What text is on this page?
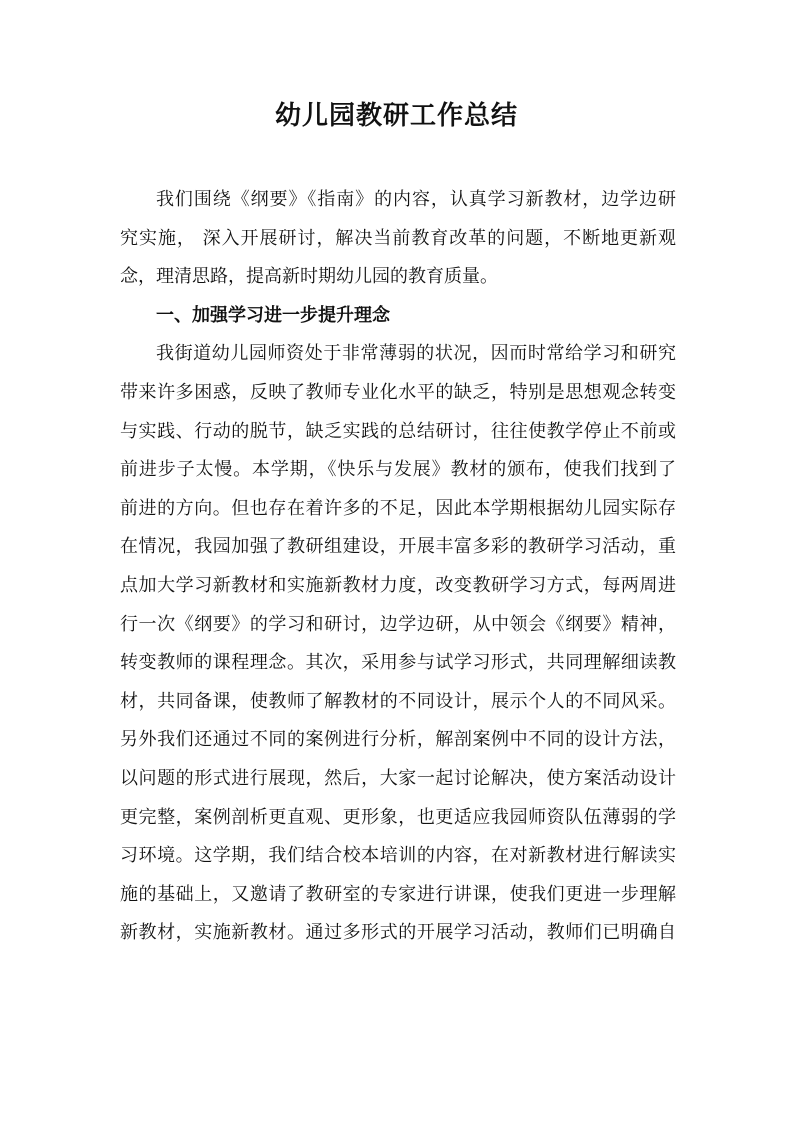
幼儿园教研工作总结
我们围绕《纲要》《指南》的内容，认真学习新教材，边学边研
究实施， 深入开展研讨，解决当前教育改革的问题，不断地更新观
念，理清思路，提高新时期幼儿园的教育质量。
一、加强学习进一步提升理念
我街道幼儿园师资处于非常薄弱的状况，因而时常给学习和研究
带来许多困惑，反映了教师专业化水平的缺乏，特别是思想观念转变
与实践、行动的脱节，缺乏实践的总结研讨，往往使教学停止不前或
前进步子太慢。本学期，《快乐与发展》教材的颁布，使我们找到了
前进的方向。但也存在着许多的不足，因此本学期根据幼儿园实际存
在情况，我园加强了教研组建设，开展丰富多彩的教研学习活动，重
点加大学习新教材和实施新教材力度，改变教研学习方式，每两周进
行一次《纲要》的学习和研讨，边学边研，从中领会《纲要》精神，
转变教师的课程理念。其次，采用参与试学习形式，共同理解细读教
材，共同备课，使教师了解教材的不同设计，展示个人的不同风采。
另外我们还通过不同的案例进行分析，解剖案例中不同的设计方法，
以问题的形式进行展现，然后，大家一起讨论解决，使方案活动设计
更完整，案例剖析更直观、更形象，也更适应我园师资队伍薄弱的学
习环境。这学期，我们结合校本培训的内容，在对新教材进行解读实
施的基础上，又邀请了教研室的专家进行讲课，使我们更进一步理解
新教材，实施新教材。通过多形式的开展学习活动，教师们已明确自
